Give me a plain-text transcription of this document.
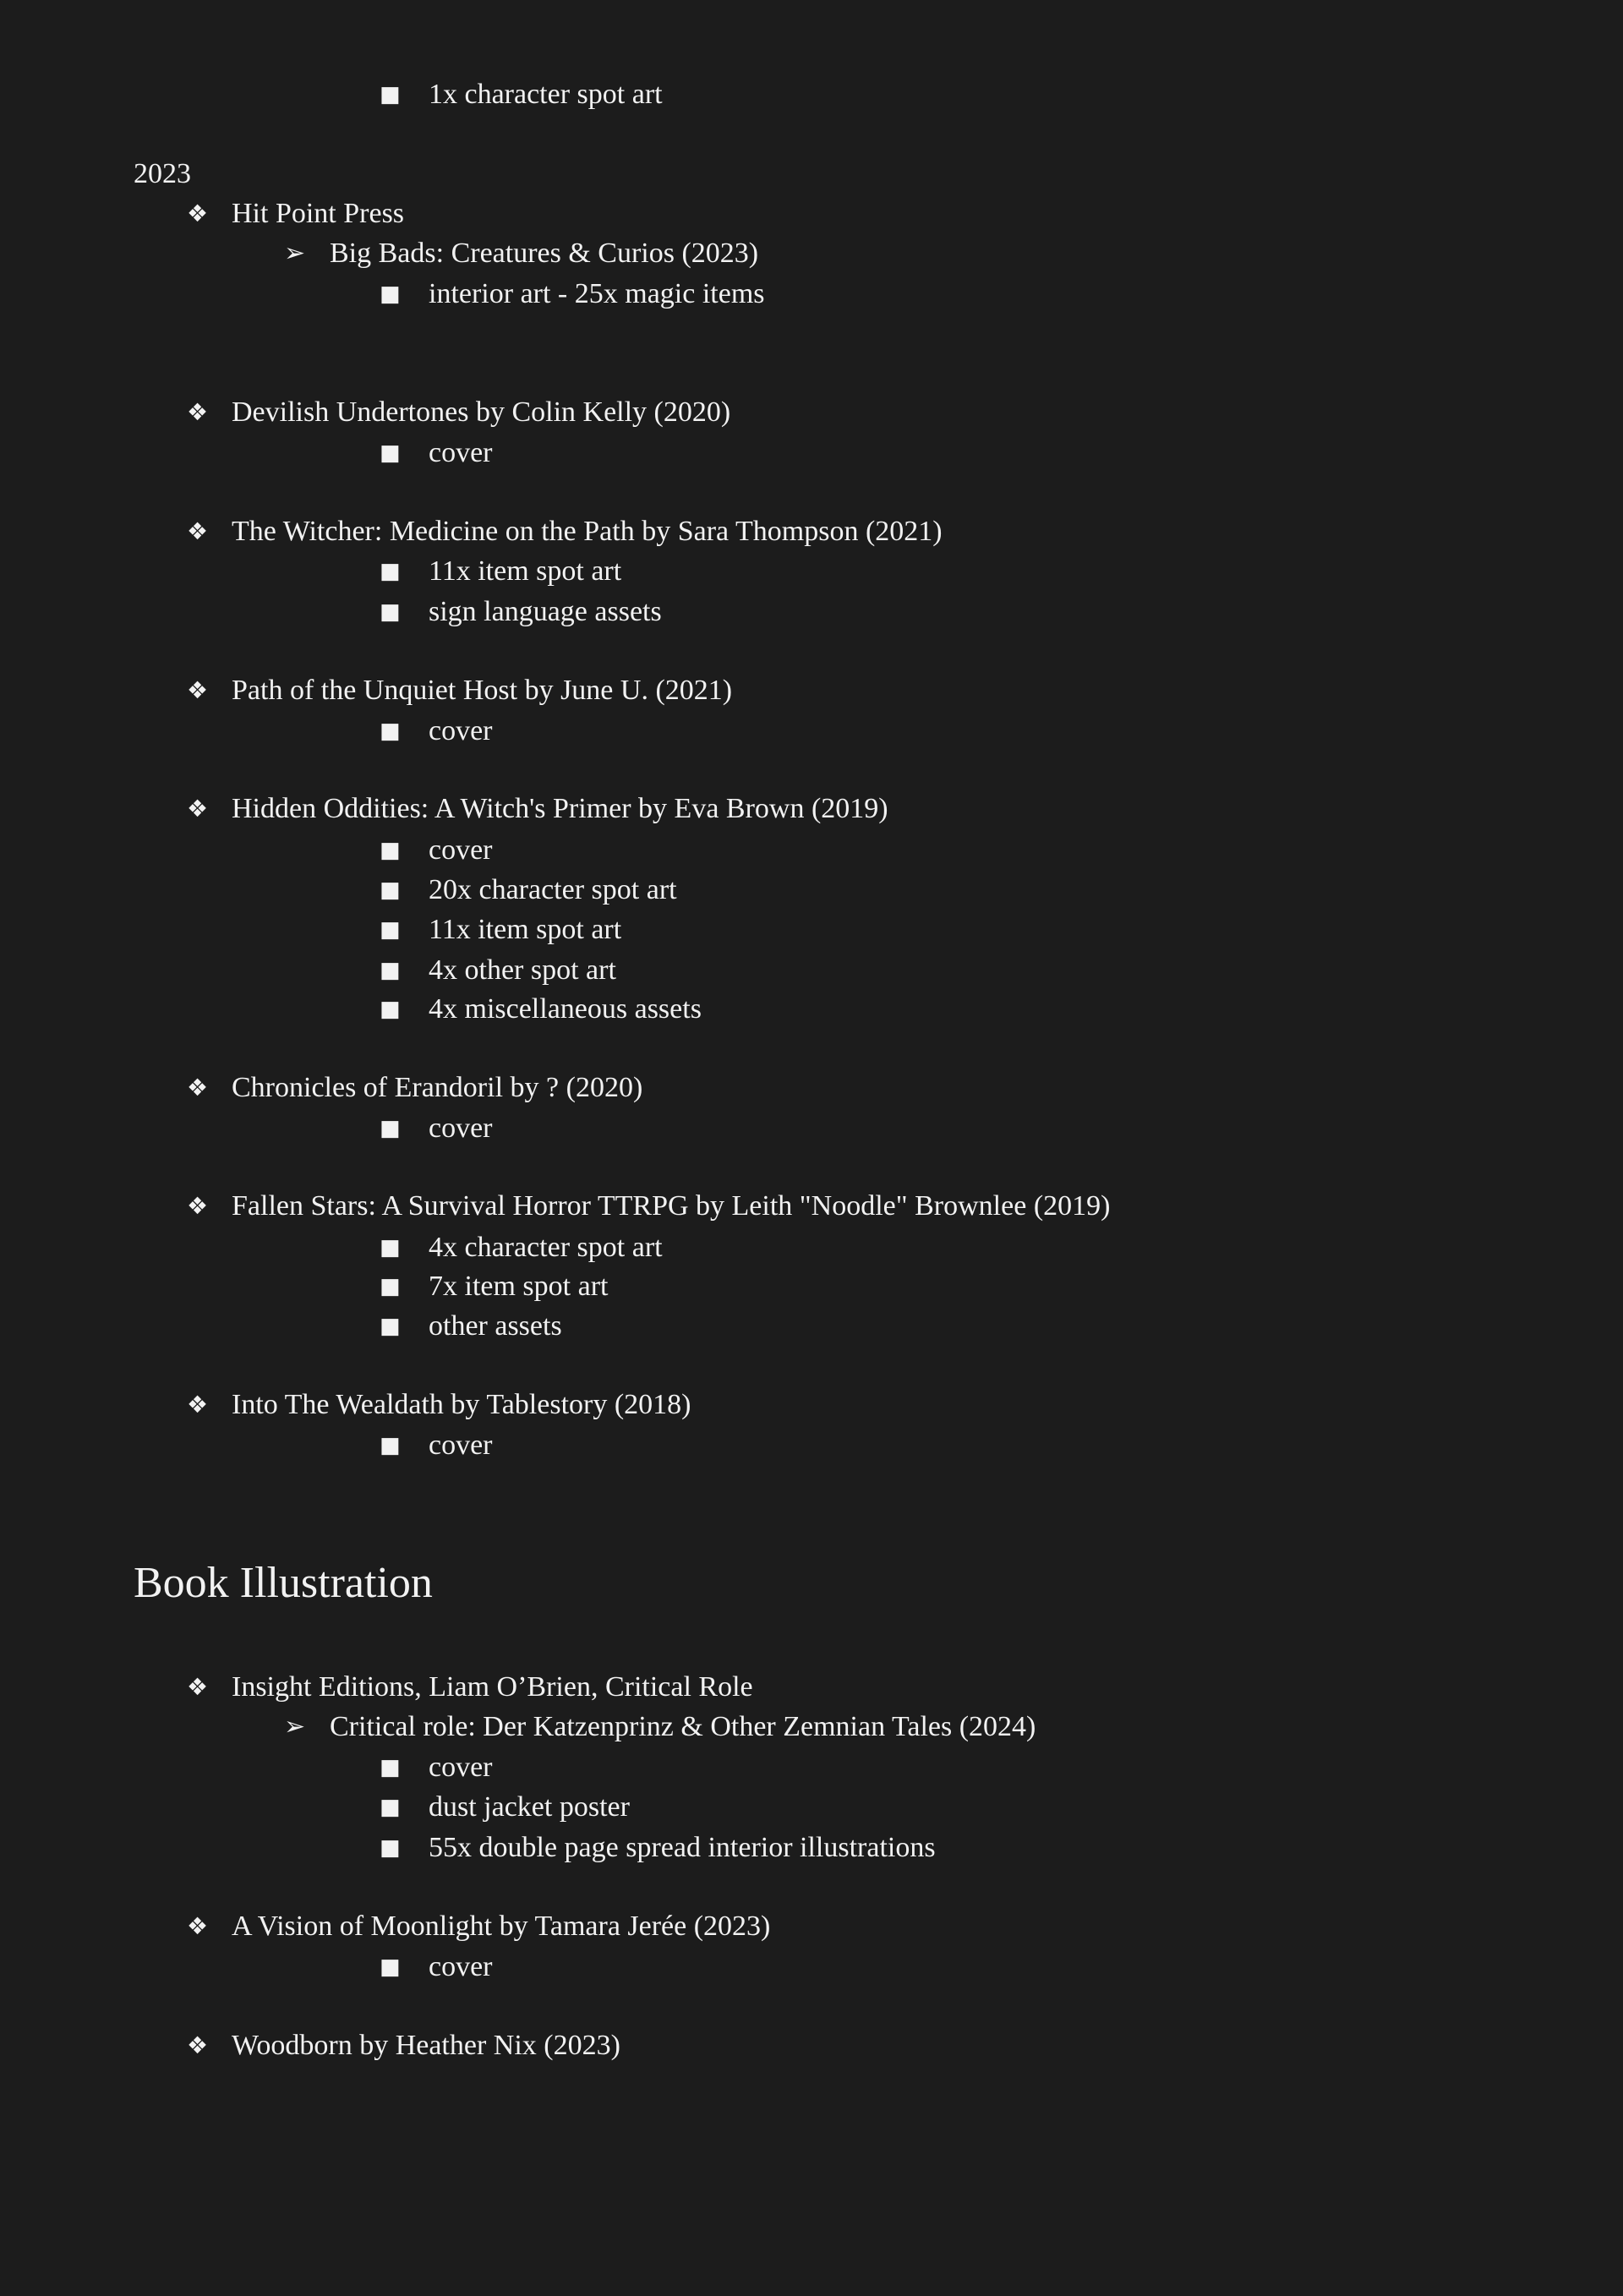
■ 1x character spot art
2023
❖ Hit Point Press
➢ Big Bads: Creatures & Curios (2023)
■ interior art - 25x magic items
❖ Devilish Undertones by Colin Kelly (2020)
■ cover
❖ The Witcher: Medicine on the Path by Sara Thompson (2021)
■ 11x item spot art
■ sign language assets
❖ Path of the Unquiet Host by June U. (2021)
■ cover
❖ Hidden Oddities: A Witch's Primer by Eva Brown (2019)
■ cover
■ 20x character spot art
■ 11x item spot art
■ 4x other spot art
■ 4x miscellaneous assets
❖ Chronicles of Erandoril by ? (2020)
■ cover
❖ Fallen Stars: A Survival Horror TTRPG by Leith "Noodle" Brownlee (2019)
■ 4x character spot art
■ 7x item spot art
■ other assets
❖ Into The Wealdath by Tablestory (2018)
■ cover
Book Illustration
❖ Insight Editions, Liam O’Brien, Critical Role
➢ Critical role: Der Katzenprinz & Other Zemnian Tales (2024)
■ cover
■ dust jacket poster
■ 55x double page spread interior illustrations
❖ A Vision of Moonlight by Tamara Jerée (2023)
■ cover
❖ Woodborn by Heather Nix (2023)
